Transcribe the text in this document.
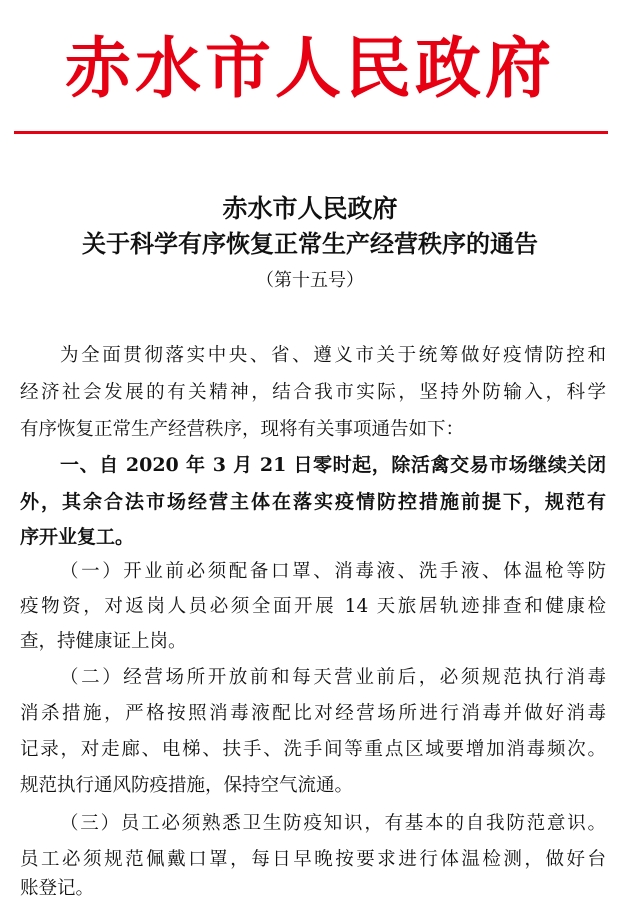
赤水市人民政府
赤水市人民政府
关于科学有序恢复正常生产经营秩序的通告
（第十五号）
为全面贯彻落实中央、省、遵义市关于统筹做好疫情防控和
经济社会发展的有关精神，结合我市实际，坚持外防输入，科学
有序恢复正常生产经营秩序，现将有关事项通告如下：
一、自 2020 年 3 月 21 日零时起，除活禽交易市场继续关闭
外，其余合法市场经营主体在落实疫情防控措施前提下，规范有
序开业复工。
（一）开业前必须配备口罩、消毒液、洗手液、体温枪等防
疫物资，对返岗人员必须全面开展 14 天旅居轨迹排查和健康检
查，持健康证上岗。
（二）经营场所开放前和每天营业前后，必须规范执行消毒
消杀措施，严格按照消毒液配比对经营场所进行消毒并做好消毒
记录，对走廊、电梯、扶手、洗手间等重点区域要增加消毒频次。
规范执行通风防疫措施，保持空气流通。
（三）员工必须熟悉卫生防疫知识，有基本的自我防范意识。
员工必须规范佩戴口罩，每日早晚按要求进行体温检测，做好台
账登记。
